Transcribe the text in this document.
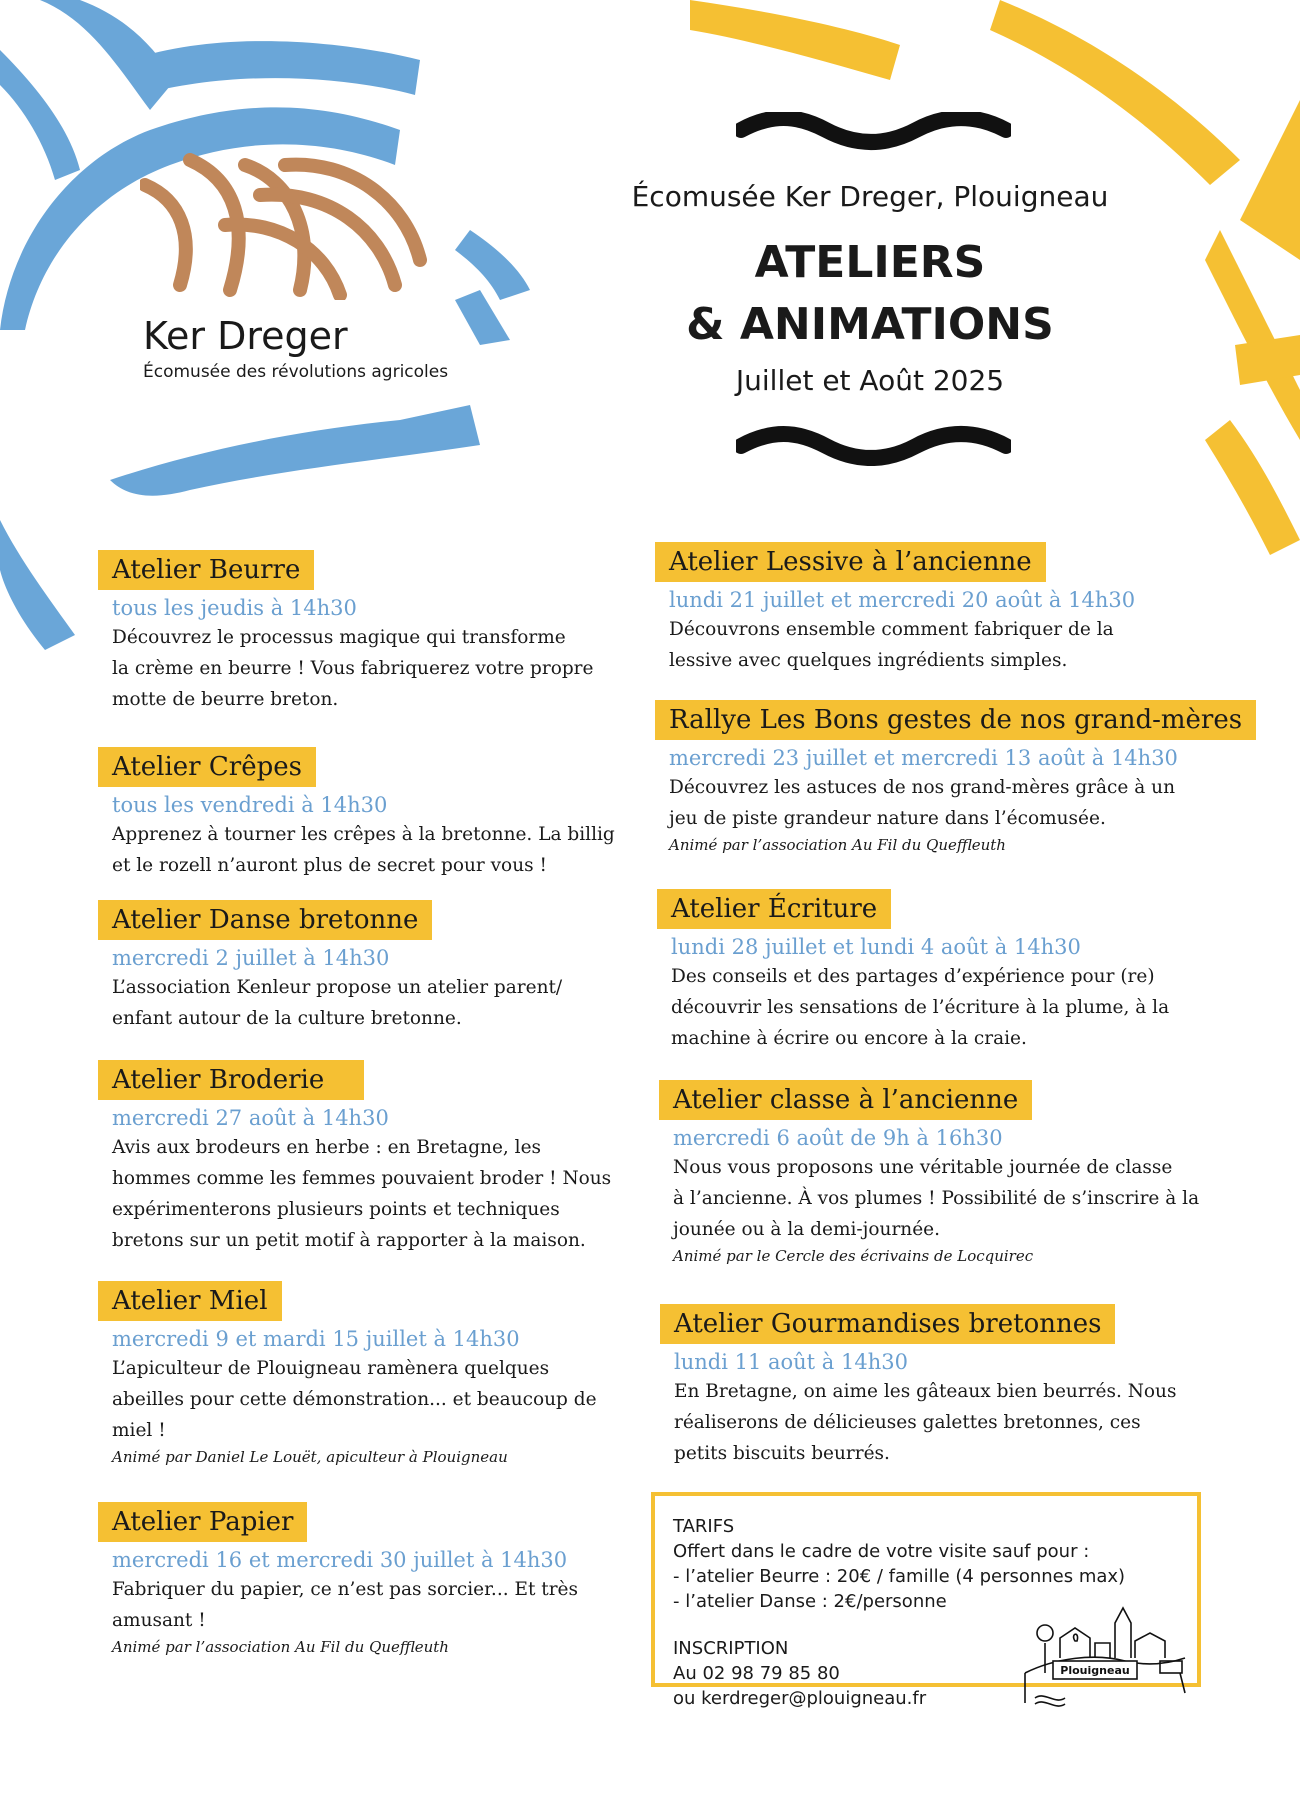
Ker Dreger
Écomusée des révolutions agricoles
Écomusée Ker Dreger, Plouigneau
ATELIERS
& ANIMATIONS
Juillet et Août 2025
Atelier Beurre
tous les jeudis à 14h30
Découvrez le processus magique qui transforme
la crème en beurre ! Vous fabriquerez votre propre
motte de beurre breton.
Atelier Crêpes
tous les vendredi à 14h30
Apprenez à tourner les crêpes à la bretonne. La billig
et le rozell n’auront plus de secret pour vous !
Atelier Danse bretonne
mercredi 2 juillet à 14h30
L’association Kenleur propose un atelier parent/
enfant autour de la culture bretonne.
Atelier Broderie
mercredi 27 août à 14h30
Avis aux brodeurs en herbe : en Bretagne, les
hommes comme les femmes pouvaient broder ! Nous
expérimenterons plusieurs points et techniques
bretons sur un petit motif à rapporter à la maison.
Atelier Miel
mercredi 9 et mardi 15 juillet à 14h30
L’apiculteur de Plouigneau ramènera quelques
abeilles pour cette démonstration... et beaucoup de
miel !
Animé par Daniel Le Louët, apiculteur à Plouigneau
Atelier Papier
mercredi 16 et mercredi 30 juillet à 14h30
Fabriquer du papier, ce n’est pas sorcier... Et très
amusant !
Animé par l’association Au Fil du Queffleuth
Atelier Lessive à l’ancienne
lundi 21 juillet et mercredi 20 août à 14h30
Découvrons ensemble comment fabriquer de la
lessive avec quelques ingrédients simples.
Rallye Les Bons gestes de nos grand-mères
mercredi 23 juillet et mercredi 13 août à 14h30
Découvrez les astuces de nos grand-mères grâce à un
jeu de piste grandeur nature dans l’écomusée.
Animé par l’association Au Fil du Queffleuth
Atelier Écriture
lundi 28 juillet et lundi 4 août à 14h30
Des conseils et des partages d’expérience pour (re)
découvrir les sensations de l’écriture à la plume, à la
machine à écrire ou encore à la craie.
Atelier classe à l’ancienne
mercredi 6 août de 9h à 16h30
Nous vous proposons une véritable journée de classe
à l’ancienne. À vos plumes ! Possibilité de s’inscrire à la
jounée ou à la demi-journée.
Animé par le Cercle des écrivains de Locquirec
Atelier Gourmandises bretonnes
lundi 11 août à 14h30
En Bretagne, on aime les gâteaux bien beurrés. Nous
réaliserons de délicieuses galettes bretonnes, ces
petits biscuits beurrés.
TARIFS
Offert dans le cadre de votre visite sauf pour :
- l’atelier Beurre : 20€ / famille (4 personnes max)
- l’atelier Danse : 2€/personne
INSCRIPTION
Au 02 98 79 85 80
ou kerdreger@plouigneau.fr
Plouigneau
